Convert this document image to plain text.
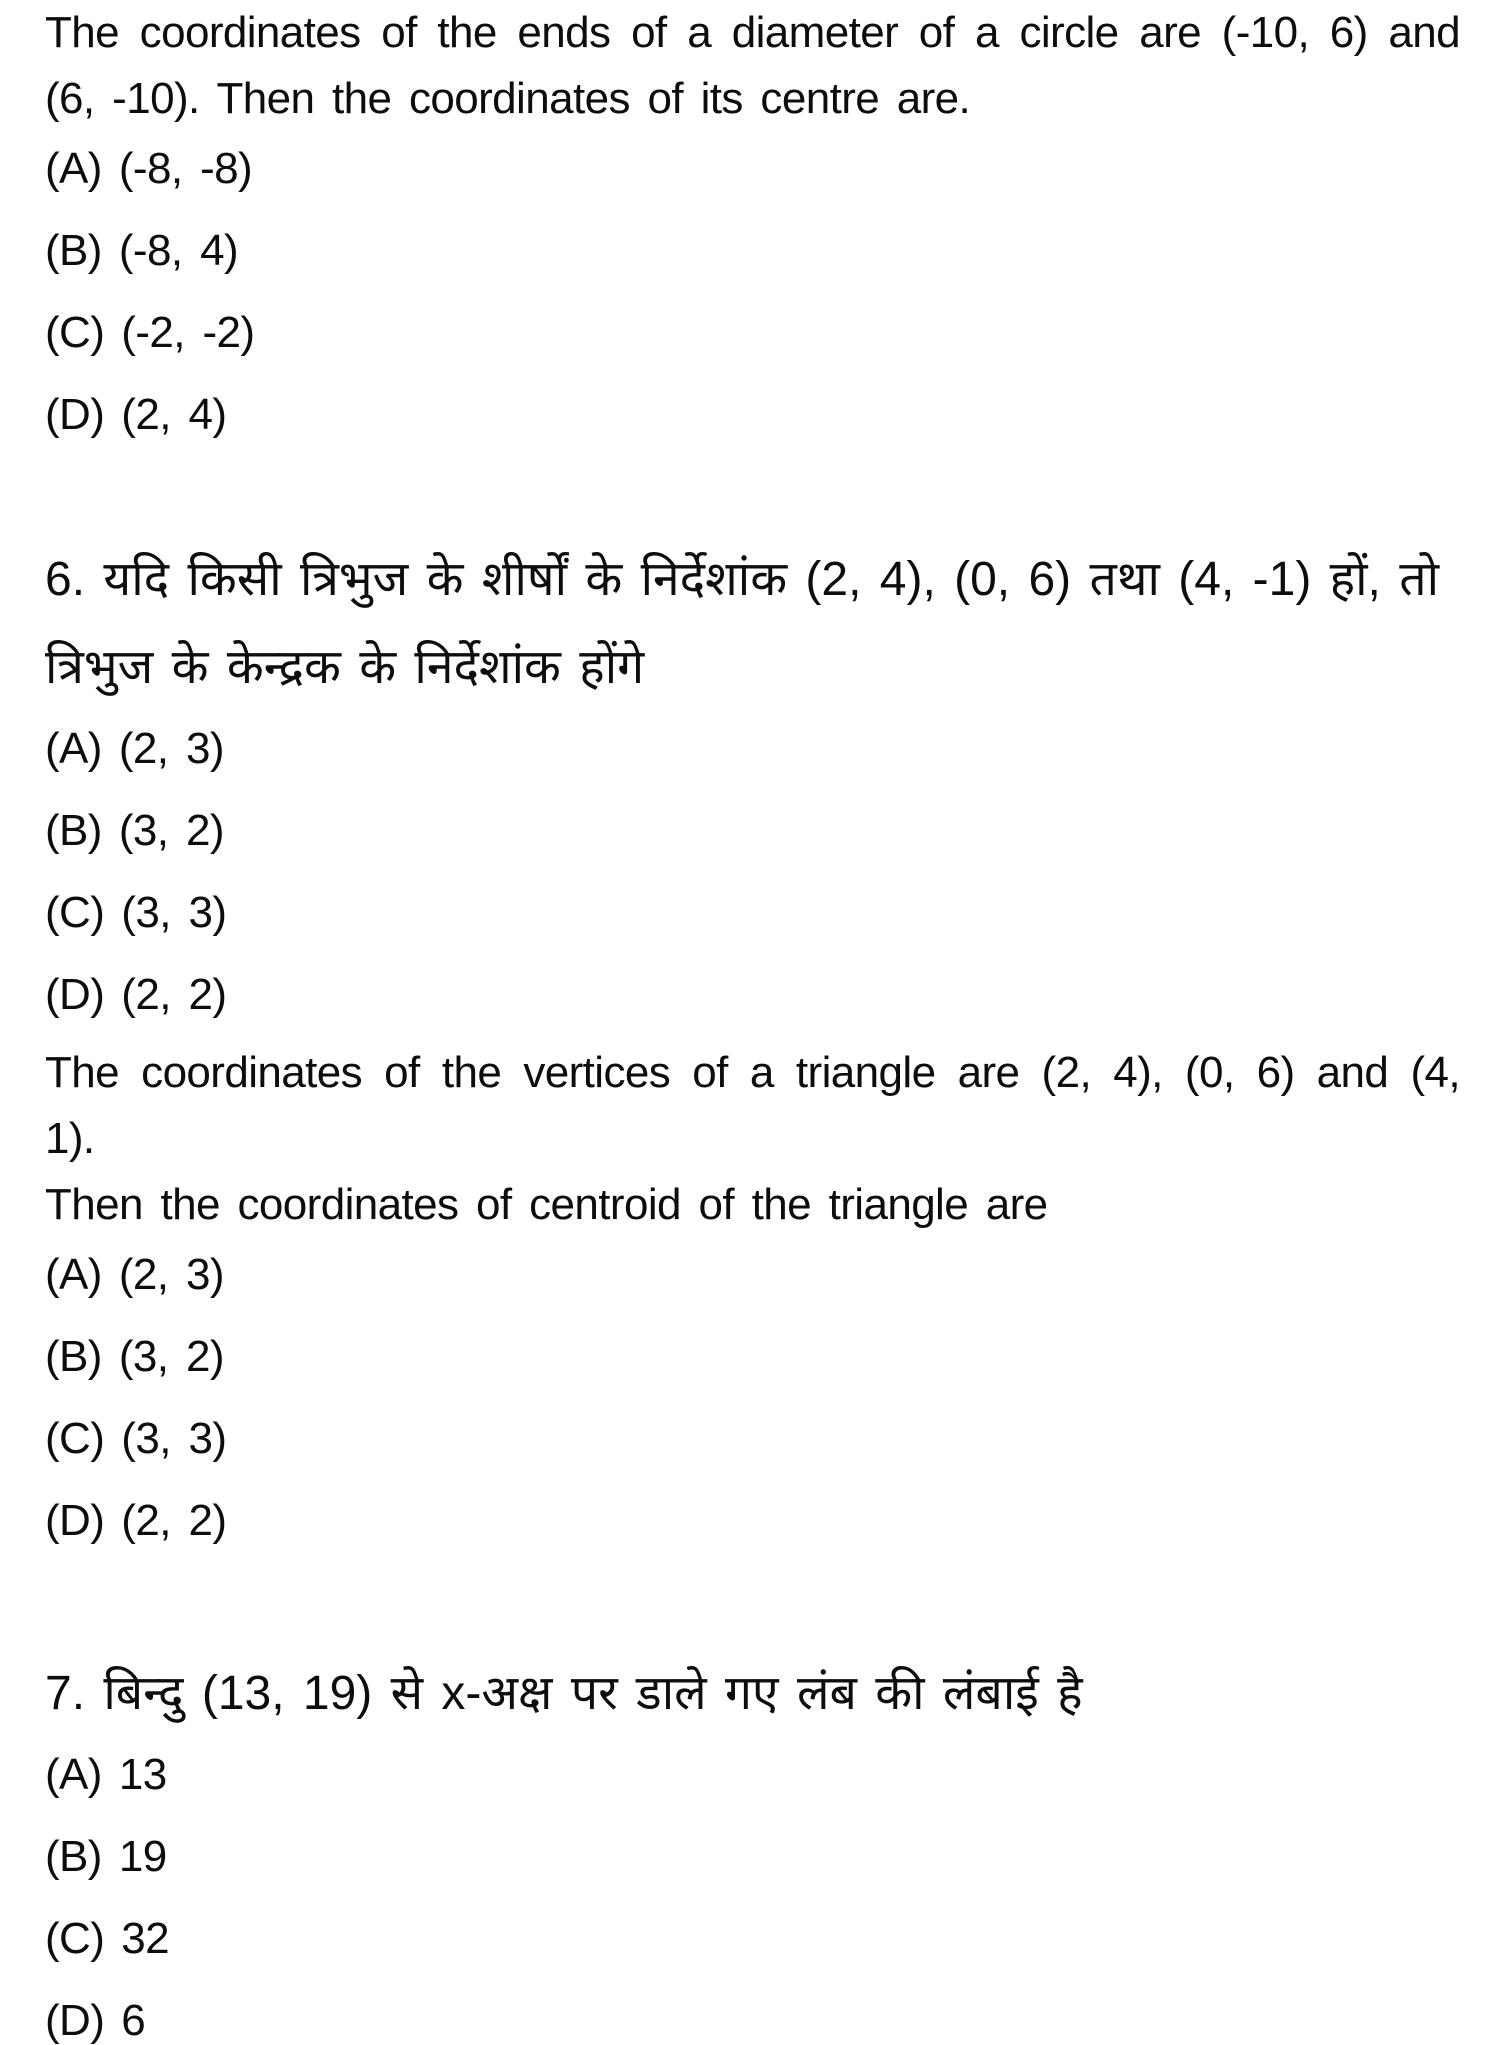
The coordinates of the ends of a diameter of a circle are (-10, 6) and
(6, -10). Then the coordinates of its centre are.
(A) (-8, -8)
(B) (-8, 4)
(C) (-2, -2)
(D) (2, 4)
6. यदि किसी त्रिभुज के शीर्षों के निर्देशांक (2, 4), (0, 6) तथा (4, -1) हों, तो
त्रिभुज के केन्द्रक के निर्देशांक होंगे
(A) (2, 3)
(B) (3, 2)
(C) (3, 3)
(D) (2, 2)
The coordinates of the vertices of a triangle are (2, 4), (0, 6) and (4, 1).
Then the coordinates of centroid of the triangle are
(A) (2, 3)
(B) (3, 2)
(C) (3, 3)
(D) (2, 2)
7. बिन्दु (13, 19) से x-अक्ष पर डाले गए लंब की लंबाई है
(A) 13
(B) 19
(C) 32
(D) 6
